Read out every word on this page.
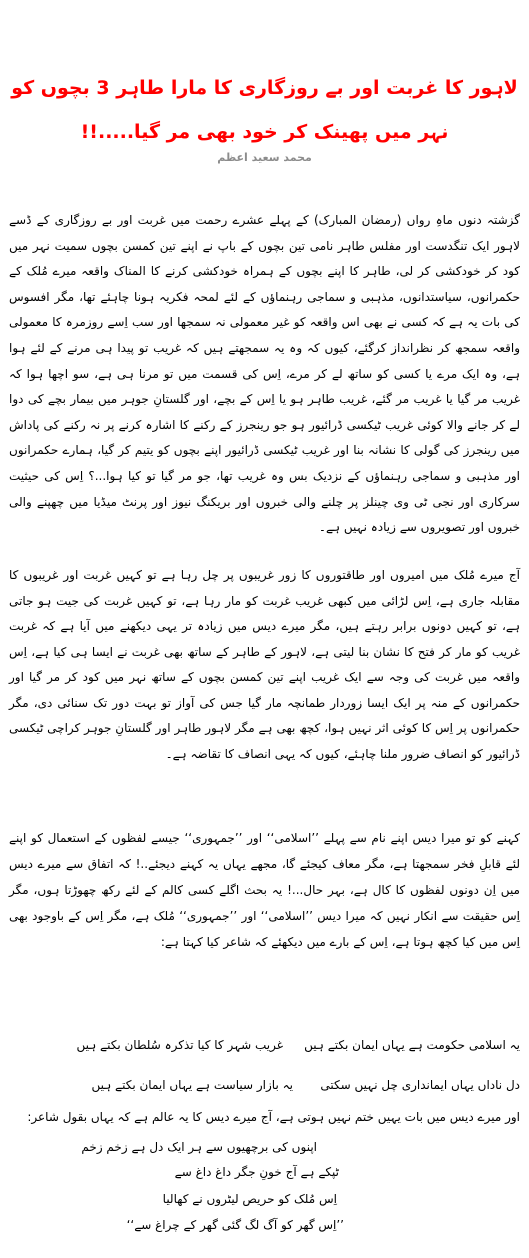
لاہور کا غربت اور بے روزگاری کا مارا طاہر 3 بچوں کو نہر میں پھینک کر خود بھی مر گیا.....!!
محمد سعید اعظم

گزشتہ دنوں ماہِ رواں (رمضان المبارک) کے پہلے عشرے رحمت میں غربت اور بے روزگاری کے ڈسے لاہور ایک تنگدست اور مفلس طاہر نامی تین بچوں کے باپ نے اپنے تین کمسن بچوں سمیت نہر میں کود کر خودکشی کر لی، طاہر کا اپنے بچوں کے ہمراہ خودکشی کرنے کا المناک واقعہ میرے مُلک کے حکمرانوں، سیاستدانوں، مذہبی و سماجی رہنماؤں کے لئے لمحہ فکریہ ہونا چاہئے تھا، مگر افسوس کی بات یہ ہے کہ کسی نے بھی اس واقعہ کو غیر معمولی نہ سمجھا اور سب اِسے روزمرہ کا معمولی واقعہ سمجھ کر نظرانداز کرگئے، کیوں کہ وہ یہ سمجھتے ہیں کہ غریب تو پیدا ہی مرنے کے لئے ہوا ہے، وہ ایک مرے یا کسی کو ساتھ لے کر مرے، اِس کی قسمت میں تو مرنا ہی ہے، سو اچھا ہوا کہ غریب مر گیا یا غریب مر گئے، غریب طاہر ہو یا اِس کے بچے، اور گلستانِ جوہر میں بیمار بچے کی دوا لے کر جانے والا کوئی غریب ٹیکسی ڈرائیور ہو جو رینجرز کے رکنے کا اشارہ کرنے پر نہ رکنے کی پاداش میں رینجرز کی گولی کا نشانہ بنا اور غریب ٹیکسی ڈرائیور اپنے بچوں کو یتیم کر گیا، ہمارے حکمرانوں اور مذہبی و سماجی رہنماؤں کے نزدیک بس وہ غریب تھا، جو مر گیا تو کیا ہوا...؟ اِس کی حیثیت سرکاری اور نجی ٹی وی چینلز پر چلنے والی خبروں اور بریکنگ نیوز اور پرنٹ میڈیا میں چھپنے والی خبروں اور تصویروں سے زیادہ نہیں ہے۔

آج میرے مُلک میں امیروں اور طاقتوروں کا زور غریبوں پر چل رہا ہے تو کہیں غربت اور غریبوں کا مقابلہ جاری ہے، اِس لڑائی میں کبھی غریب غربت کو مار رہا ہے، تو کہیں غربت کی جیت ہو جاتی ہے، تو کہیں دونوں برابر رہتے ہیں، مگر میرے دیس میں زیادہ تر یہی دیکھنے میں آیا ہے کہ غربت غریب کو مار کر فتح کا نشان بنا لیتی ہے، لاہور کے طاہر کے ساتھ بھی غربت نے ایسا ہی کیا ہے، اِس واقعہ میں غربت کی وجہ سے ایک غریب اپنے تین کمسن بچوں کے ساتھ نہر میں کود کر مر گیا اور حکمرانوں کے منہ پر ایک ایسا زوردار طمانچہ مار گیا جس کی آواز تو بہت دور تک سنائی دی، مگر حکمرانوں پر اِس کا کوئی اثر نہیں ہوا، کچھ بھی ہے مگر لاہور طاہر اور گلستانِ جوہر کراچی ٹیکسی ڈرائیور کو انصاف ضرور ملنا چاہئے، کیوں کہ یہی انصاف کا تقاضہ ہے۔

کہنے کو تو میرا دیس اپنے نام سے پہلے ’’اسلامی‘‘ اور ’’جمہوری‘‘ جیسے لفظوں کے استعمال کو اپنے لئے قابلِ فخر سمجھتا ہے، مگر معاف کیجئے گا، مجھے یہاں یہ کہنے دیجئے..! کہ اتفاق سے میرے دیس میں اِن دونوں لفظوں کا کال ہے، بہر حال...! یہ بحث اگلے کسی کالم کے لئے رکھ چھوڑتا ہوں، مگر اِس حقیقت سے انکار نہیں کہ میرا دیس ’’اسلامی‘‘ اور ’’جمہوری‘‘ مُلک ہے، مگر اِس کے باوجود بھی اِس میں کیا کچھ ہوتا ہے، اِس کے بارے میں دیکھئے کہ شاعر کیا کہتا ہے:

یہ اسلامی حکومت ہے یہاں ایمان بکتے ہیں
غریب شہر کا کیا تذکرہ سُلطان بکتے ہیں
دل ناداں یہاں ایمانداری چل نہیں سکتی
یہ بازار سیاست ہے یہاں ایمان بکتے ہیں
اور میرے دیس میں بات یہیں ختم نہیں ہوتی ہے، آج میرے دیس کا یہ عالم ہے کہ یہاں بقول شاعر:
اپنوں کی برچھیوں سے ہر ایک دل ہے زخم زخم
ٹپکے ہے آج خونِ جگر داغ داغ سے
اِس مُلک کو حریص لیٹروں نے کھالیا
’’اِس گھر کو آگ لگ گئی گھر کے چراغ سے‘‘
